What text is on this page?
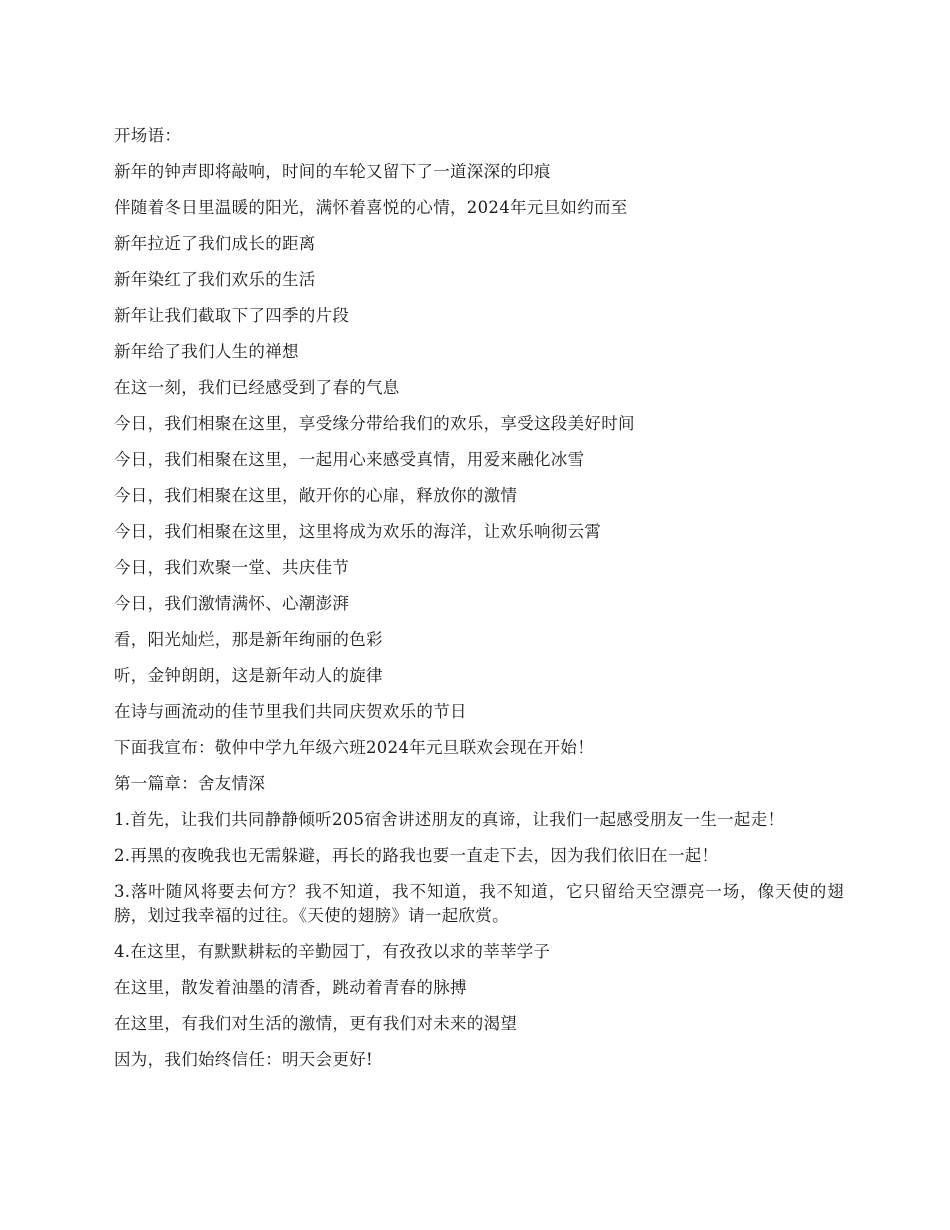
开场语：
新年的钟声即将敲响，时间的车轮又留下了一道深深的印痕
伴随着冬日里温暖的阳光，满怀着喜悦的心情，2024年元旦如约而至
新年拉近了我们成长的距离
新年染红了我们欢乐的生活
新年让我们截取下了四季的片段
新年给了我们人生的禅想
在这一刻，我们已经感受到了春的气息
今日，我们相聚在这里，享受缘分带给我们的欢乐，享受这段美好时间
今日，我们相聚在这里，一起用心来感受真情，用爱来融化冰雪
今日，我们相聚在这里，敞开你的心扉，释放你的激情
今日，我们相聚在这里，这里将成为欢乐的海洋，让欢乐响彻云霄
今日，我们欢聚一堂、共庆佳节
今日，我们激情满怀、心潮澎湃
看，阳光灿烂，那是新年绚丽的色彩
听，金钟朗朗，这是新年动人的旋律
在诗与画流动的佳节里我们共同庆贺欢乐的节日
下面我宣布：敬仲中学九年级六班2024年元旦联欢会现在开始！
第一篇章：舍友情深
1.首先，让我们共同静静倾听205宿舍讲述朋友的真谛，让我们一起感受朋友一生一起走！
2.再黑的夜晚我也无需躲避，再长的路我也要一直走下去，因为我们依旧在一起！
3.落叶随风将要去何方？我不知道，我不知道，我不知道，它只留给天空漂亮一场，像天使的翅膀，划过我幸福的过往。《天使的翅膀》请一起欣赏。
4.在这里，有默默耕耘的辛勤园丁，有孜孜以求的莘莘学子
在这里，散发着油墨的清香，跳动着青春的脉搏
在这里，有我们对生活的激情，更有我们对未来的渴望
因为，我们始终信任：明天会更好!
